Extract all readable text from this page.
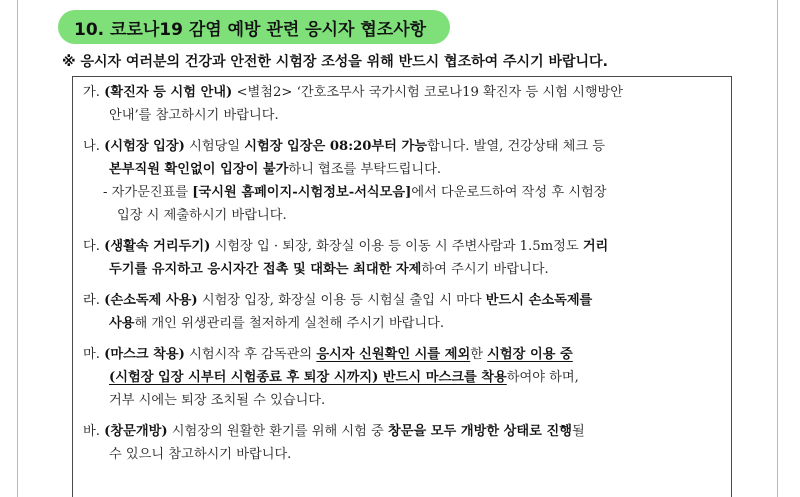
10. 코로나19 감염 예방 관련 응시자 협조사항
※ 응시자 여러분의 건강과 안전한 시험장 조성을 위해 반드시 협조하여 주시기 바랍니다.
가. (확진자 등 시험 안내) <별첨2> ‘간호조무사 국가시험 코로나19 확진자 등 시험 시행방안
안내’를 참고하시기 바랍니다.
나. (시험장 입장) 시험당일 시험장 입장은 08:20부터 가능합니다. 발열, 건강상태 체크 등
본부직원 확인없이 입장이 불가하니 협조를 부탁드립니다.
- 자가문진표를 [국시원 홈페이지-시험정보-서식모음]에서 다운로드하여 작성 후 시험장
입장 시 제출하시기 바랍니다.
다. (생활속 거리두기) 시험장 입 · 퇴장, 화장실 이용 등 이동 시 주변사람과 1.5m정도 거리
두기를 유지하고 응시자간 접촉 및 대화는 최대한 자제하여 주시기 바랍니다.
라. (손소독제 사용) 시험장 입장, 화장실 이용 등 시험실 출입 시 마다 반드시 손소독제를
사용해 개인 위생관리를 철저하게 실천해 주시기 바랍니다.
마. (마스크 착용) 시험시작 후 감독관의 응시자 신원확인 시를 제외한 시험장 이용 중
(시험장 입장 시부터 시험종료 후 퇴장 시까지) 반드시 마스크를 착용하여야 하며,
거부 시에는 퇴장 조치될 수 있습니다.
바. (창문개방) 시험장의 원활한 환기를 위해 시험 중 창문을 모두 개방한 상태로 진행될
수 있으니 참고하시기 바랍니다.
